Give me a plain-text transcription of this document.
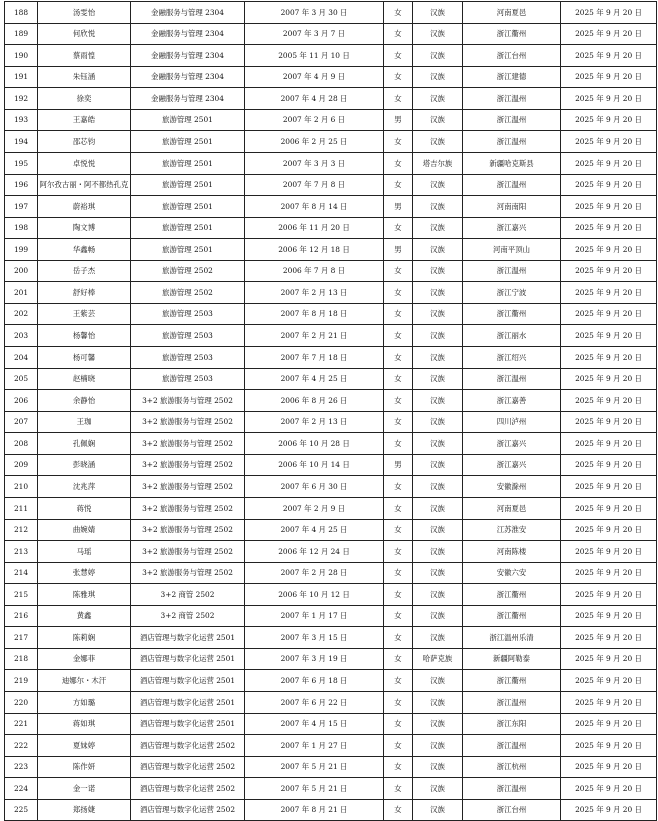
188	汤雯怡	金融服务与管理 2304	2007 年 3 月 30 日	女	汉族	河南夏邑	2025 年 9 月 20 日
189	何欣悦	金融服务与管理 2304	2007 年 3 月 7 日	女	汉族	浙江衢州	2025 年 9 月 20 日
190	蔡雨惶	金融服务与管理 2304	2005 年 11 月 10 日	女	汉族	浙江台州	2025 年 9 月 20 日
191	朱钰涵	金融服务与管理 2304	2007 年 4 月 9 日	女	汉族	浙江建德	2025 年 9 月 20 日
192	徐奕	金融服务与管理 2304	2007 年 4 月 28 日	女	汉族	浙江温州	2025 年 9 月 20 日
193	王嘉皓	旅游管理 2501	2007 年 2 月 6 日	男	汉族	浙江温州	2025 年 9 月 20 日
194	邵芯钧	旅游管理 2501	2006 年 2 月 25 日	女	汉族	浙江温州	2025 年 9 月 20 日
195	卓悦悦	旅游管理 2501	2007 年 3 月 3 日	女	塔吉尔族	新疆哈克斯县	2025 年 9 月 20 日
196	阿尔孜古丽・阿不都热孔克	旅游管理 2501	2007 年 7 月 8 日	女	汉族	浙江温州	2025 年 9 月 20 日
197	蔚裕琪	旅游管理 2501	2007 年 8 月 14 日	男	汉族	河南南阳	2025 年 9 月 20 日
198	陶文博	旅游管理 2501	2006 年 11 月 20 日	女	汉族	浙江嘉兴	2025 年 9 月 20 日
199	华鑫畅	旅游管理 2501	2006 年 12 月 18 日	男	汉族	河南平顶山	2025 年 9 月 20 日
200	岳子杰	旅游管理 2502	2006 年 7 月 8 日	女	汉族	浙江温州	2025 年 9 月 20 日
201	舒好棒	旅游管理 2502	2007 年 2 月 13 日	女	汉族	浙江宁波	2025 年 9 月 20 日
202	王紫芸	旅游管理 2503	2007 年 8 月 18 日	女	汉族	浙江衢州	2025 年 9 月 20 日
203	杨馨怡	旅游管理 2503	2007 年 2 月 21 日	女	汉族	浙江丽水	2025 年 9 月 20 日
204	杨可馨	旅游管理 2503	2007 年 7 月 18 日	女	汉族	浙江绍兴	2025 年 9 月 20 日
205	赵楠晓	旅游管理 2503	2007 年 4 月 25 日	女	汉族	浙江温州	2025 年 9 月 20 日
206	余静怡	3+2 旅游服务与管理 2502	2006 年 8 月 26 日	女	汉族	浙江嘉善	2025 年 9 月 20 日
207	王珈	3+2 旅游服务与管理 2502	2007 年 2 月 13 日	女	汉族	四川泸州	2025 年 9 月 20 日
208	孔佩娴	3+2 旅游服务与管理 2502	2006 年 10 月 28 日	女	汉族	浙江嘉兴	2025 年 9 月 20 日
209	彭晓涵	3+2 旅游服务与管理 2502	2006 年 10 月 14 日	男	汉族	浙江嘉兴	2025 年 9 月 20 日
210	沈兆萍	3+2 旅游服务与管理 2502	2007 年 6 月 30 日	女	汉族	安徽滁州	2025 年 9 月 20 日
211	蒋悦	3+2 旅游服务与管理 2502	2007 年 2 月 9 日	女	汉族	河南夏邑	2025 年 9 月 20 日
212	曲婉婧	3+2 旅游服务与管理 2502	2007 年 4 月 25 日	女	汉族	江苏淮安	2025 年 9 月 20 日
213	马瑶	3+2 旅游服务与管理 2502	2006 年 12 月 24 日	女	汉族	河南陈楼	2025 年 9 月 20 日
214	张慧婷	3+2 旅游服务与管理 2502	2007 年 2 月 28 日	女	汉族	安徽六安	2025 年 9 月 20 日
215	陈雅琪	3+2 商管 2502	2006 年 10 月 12 日	女	汉族	浙江衢州	2025 年 9 月 20 日
216	黄鑫	3+2 商管 2502	2007 年 1 月 17 日	女	汉族	浙江衢州	2025 年 9 月 20 日
217	陈莉娴	酒店管理与数字化运营 2501	2007 年 3 月 15 日	女	汉族	浙江温州乐清	2025 年 9 月 20 日
218	金娜菲	酒店管理与数字化运营 2501	2007 年 3 月 19 日	女	哈萨克族	新疆阿勒泰	2025 年 9 月 20 日
219	迪娜尔・木汗	酒店管理与数字化运营 2501	2007 年 6 月 18 日	女	汉族	浙江衢州	2025 年 9 月 20 日
220	方如璐	酒店管理与数字化运营 2501	2007 年 6 月 22 日	女	汉族	浙江温州	2025 年 9 月 20 日
221	蒋如琪	酒店管理与数字化运营 2501	2007 年 4 月 15 日	女	汉族	浙江东阳	2025 年 9 月 20 日
222	夏妹婷	酒店管理与数字化运营 2502	2007 年 1 月 27 日	女	汉族	浙江温州	2025 年 9 月 20 日
223	陈作妍	酒店管理与数字化运营 2502	2007 年 5 月 21 日	女	汉族	浙江杭州	2025 年 9 月 20 日
224	金一诺	酒店管理与数字化运营 2502	2007 年 5 月 21 日	女	汉族	浙江温州	2025 年 9 月 20 日
225	郑扬婕	酒店管理与数字化运营 2502	2007 年 8 月 21 日	女	汉族	浙江台州	2025 年 9 月 20 日
